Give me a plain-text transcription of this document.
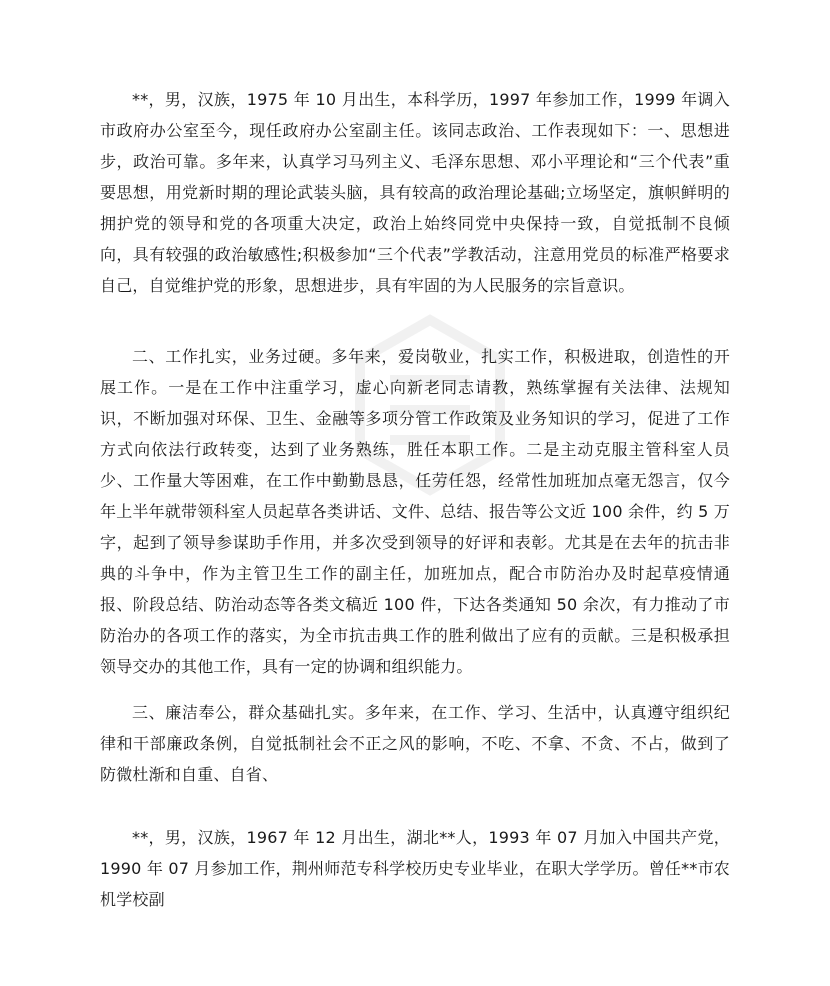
**，男，汉族，1975 年 10 月出生，本科学历，1997 年参加工作，1999 年调入市政府办公室至今，现任政府办公室副主任。该同志政治、工作表现如下：一、思想进步，政治可靠。多年来，认真学习马列主义、毛泽东思想、邓小平理论和“三个代表”重要思想，用党新时期的理论武装头脑，具有较高的政治理论基础;立场坚定，旗帜鲜明的拥护党的领导和党的各项重大决定，政治上始终同党中央保持一致，自觉抵制不良倾向，具有较强的政治敏感性;积极参加“三个代表”学教活动，注意用党员的标准严格要求自己，自觉维护党的形象，思想进步，具有牢固的为人民服务的宗旨意识。

二、工作扎实，业务过硬。多年来，爱岗敬业，扎实工作，积极进取，创造性的开展工作。一是在工作中注重学习，虚心向新老同志请教，熟练掌握有关法律、法规知识，不断加强对环保、卫生、金融等多项分管工作政策及业务知识的学习，促进了工作方式向依法行政转变，达到了业务熟练，胜任本职工作。二是主动克服主管科室人员少、工作量大等困难，在工作中勤勤恳恳，任劳任怨，经常性加班加点毫无怨言，仅今年上半年就带领科室人员起草各类讲话、文件、总结、报告等公文近 100 余件，约 5 万字，起到了领导参谋助手作用，并多次受到领导的好评和表彰。尤其是在去年的抗击非典的斗争中，作为主管卫生工作的副主任，加班加点，配合市防治办及时起草疫情通报、阶段总结、防治动态等各类文稿近 100 件，下达各类通知 50 余次，有力推动了市防治办的各项工作的落实，为全市抗击典工作的胜利做出了应有的贡献。三是积极承担领导交办的其他工作，具有一定的协调和组织能力。

三、廉洁奉公，群众基础扎实。多年来，在工作、学习、生活中，认真遵守组织纪律和干部廉政条例，自觉抵制社会不正之风的影响，不吃、不拿、不贪、不占，做到了防微杜渐和自重、自省、

**，男，汉族，1967 年 12 月出生，湖北**人，1993 年 07 月加入中国共产党，1990 年 07 月参加工作，荆州师范专科学校历史专业毕业，在职大学学历。曾任**市农机学校副
